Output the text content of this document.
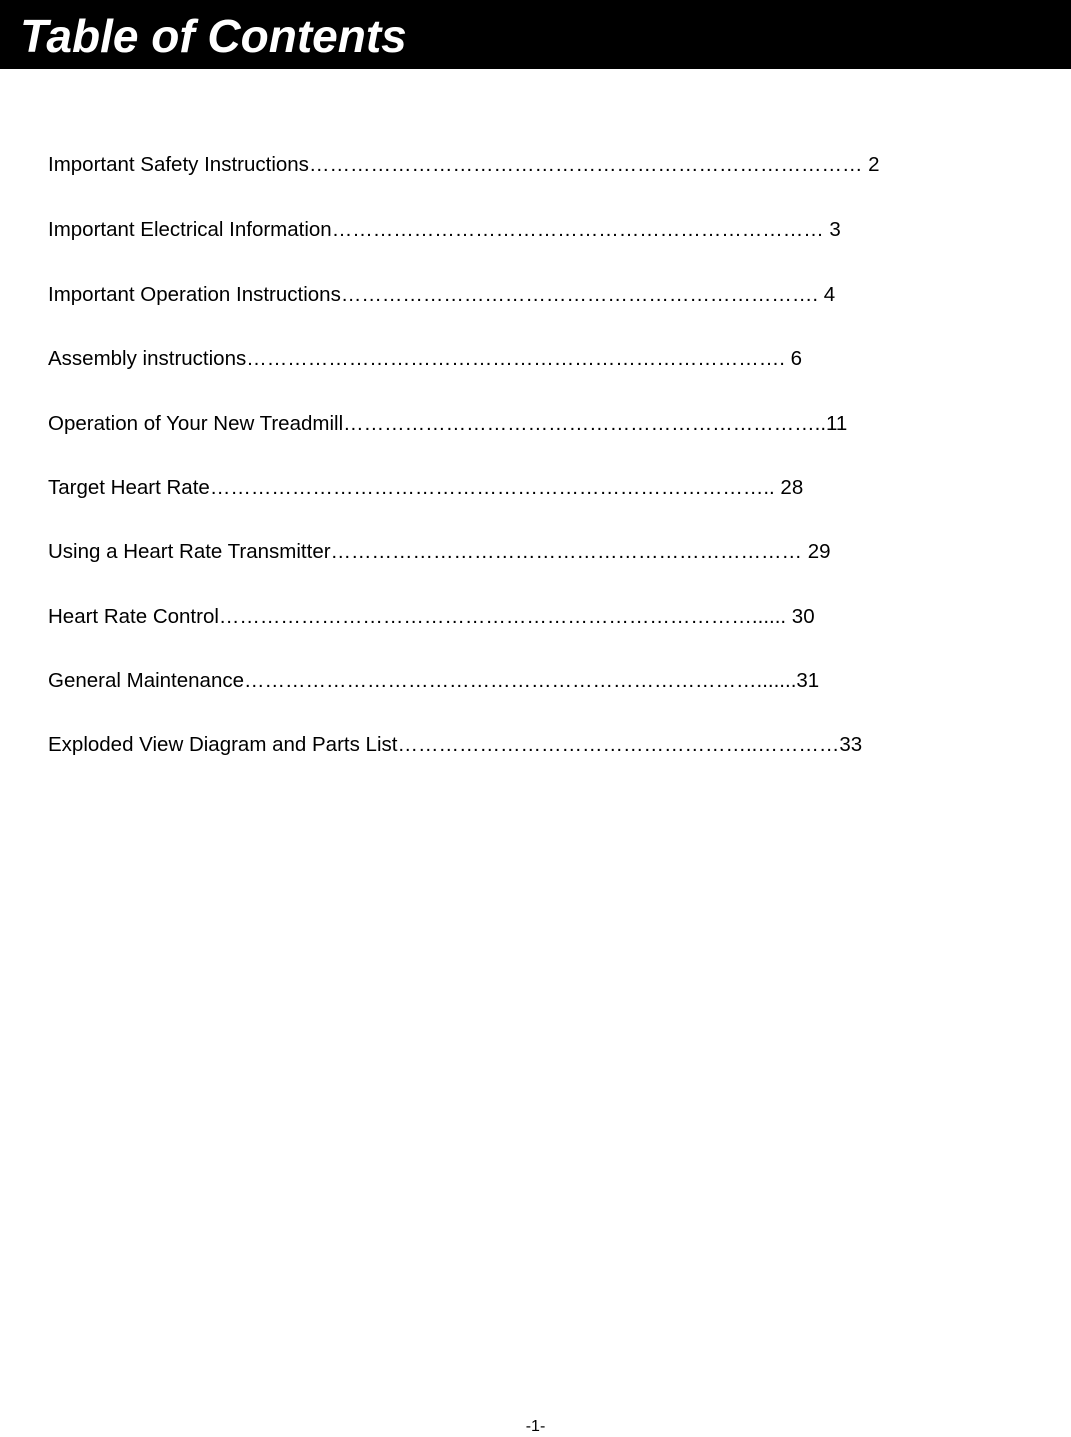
Table of Contents
Important Safety Instructions……………………………………………………………………… 2
Important Electrical Information……………………………………………………………… 3
Important Operation Instructions……………………………………………………………. 4
Assembly instructions……………………………………………………………………. 6
Operation of Your New Treadmill……………………………………………………………..11
Target Heart Rate……………………………………………………………………….. 28
Using a Heart Rate Transmitter…………………………………………………………… 29
Heart Rate Control……………………………………………………………………...... 30
General Maintenance………………………………………………………………….......31
Exploded View Diagram and Parts List……………………………………………..…………33
-1-
